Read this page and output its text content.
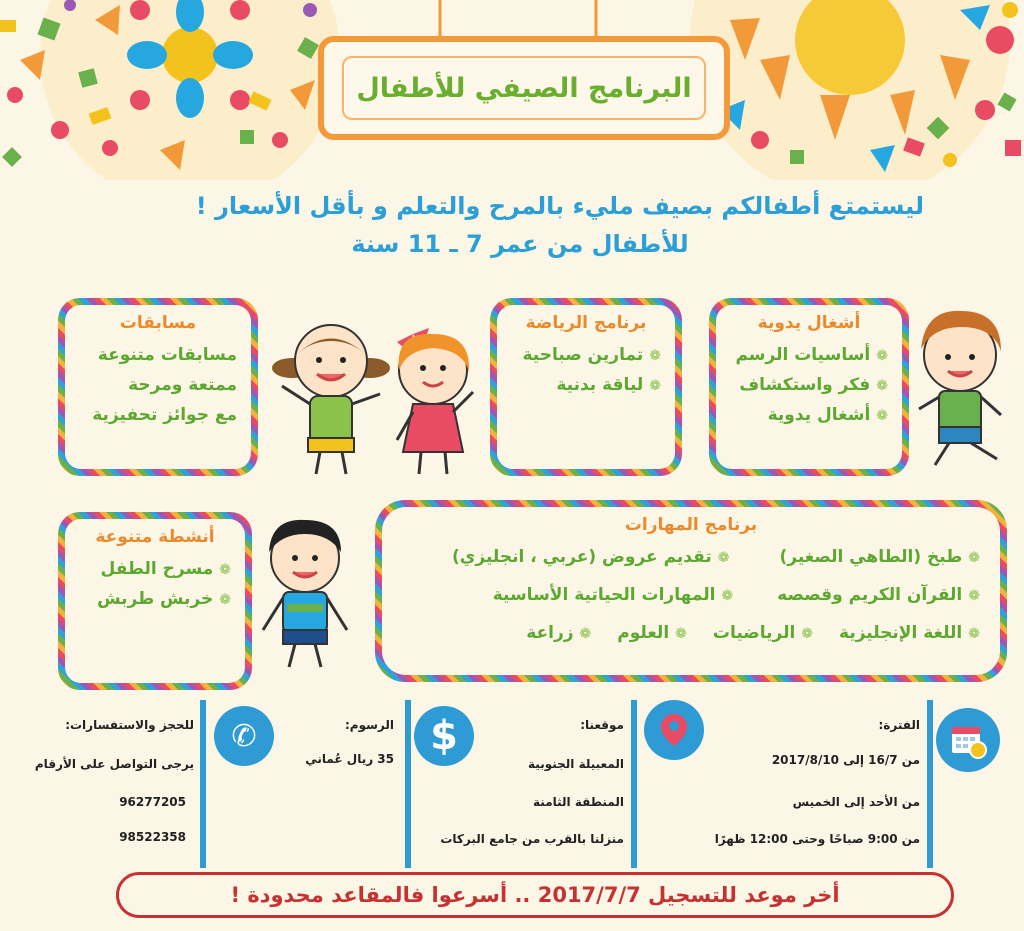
البرنامج الصيفي للأطفال
ليستمتع أطفالكم بصيف مليء بالمرح والتعلم و بأقل الأسعار !
للأطفال من عمر 7 ـ 11 سنة
أشغال يدوية
❁أساسيات الرسم
❁فكر واستكشاف
❁أشغال يدوية
برنامج الرياضة
❁تمارين صباحية
❁لياقة بدنية
مسابقات
مسابقات متنوعة
ممتعة ومرحة
مع جوائز تحفيزية
أنشطة متنوعة
❁مسرح الطفل
❁خربش طربش
برنامج المهارات
❁طبخ (الطاهي الصغير)
❁تقديم عروض (عربي ، انجليزي)
❁القرآن الكريم وقصصه
❁المهارات الحياتية الأساسية
❁اللغة الإنجليزية
❁الرياضيات
❁العلوم
❁زراعة
$
✆	الفترة:
من 16/7 إلى 2017/8/10
من الأحد إلى الخميس
من 9:00 صباحًا وحتى 12:00 ظهرًا
موقعنا:
المعبيلة الجنوبية
المنطقة الثامنة
منزلنا بالقرب من جامع البركات
الرسوم:
35 ريال عُماني
للحجز والاستفسارات:
يرجى التواصل على الأرقام
96277205
98522358
أخر موعد للتسجيل 2017/7/7 .. أسرعوا فالمقاعد محدودة !
